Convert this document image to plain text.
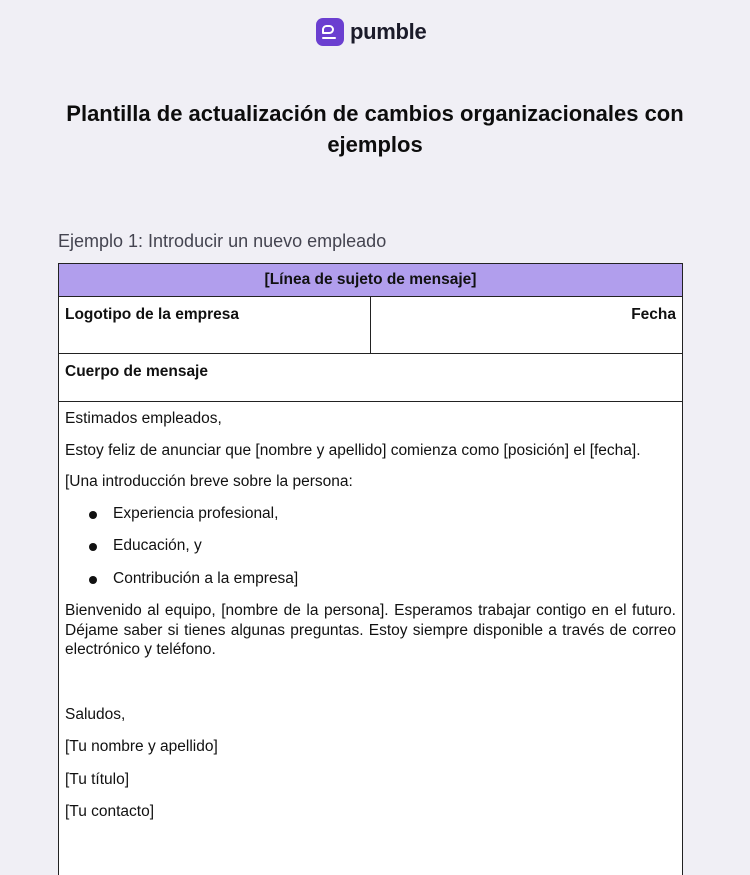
pumble
Plantilla de actualización de cambios organizacionales con ejemplos
Ejemplo 1: Introducir un nuevo empleado
[Línea de sujeto de mensaje]
Logotipo de la empresa	Fecha
Cuerpo de mensaje

Estimados empleados,

Estoy feliz de anunciar que [nombre y apellido] comienza como [posición] el [fecha].

[Una introducción breve sobre la persona:

Experiencia profesional,
Educación, y
Contribución a la empresa]

Bienvenido al equipo, [nombre de la persona]. Esperamos trabajar contigo en el futuro. Déjame saber si tienes algunas preguntas. Estoy siempre disponible a través de correo electrónico y teléfono.

Saludos,

[Tu nombre y apellido]

[Tu título]

[Tu contacto]
